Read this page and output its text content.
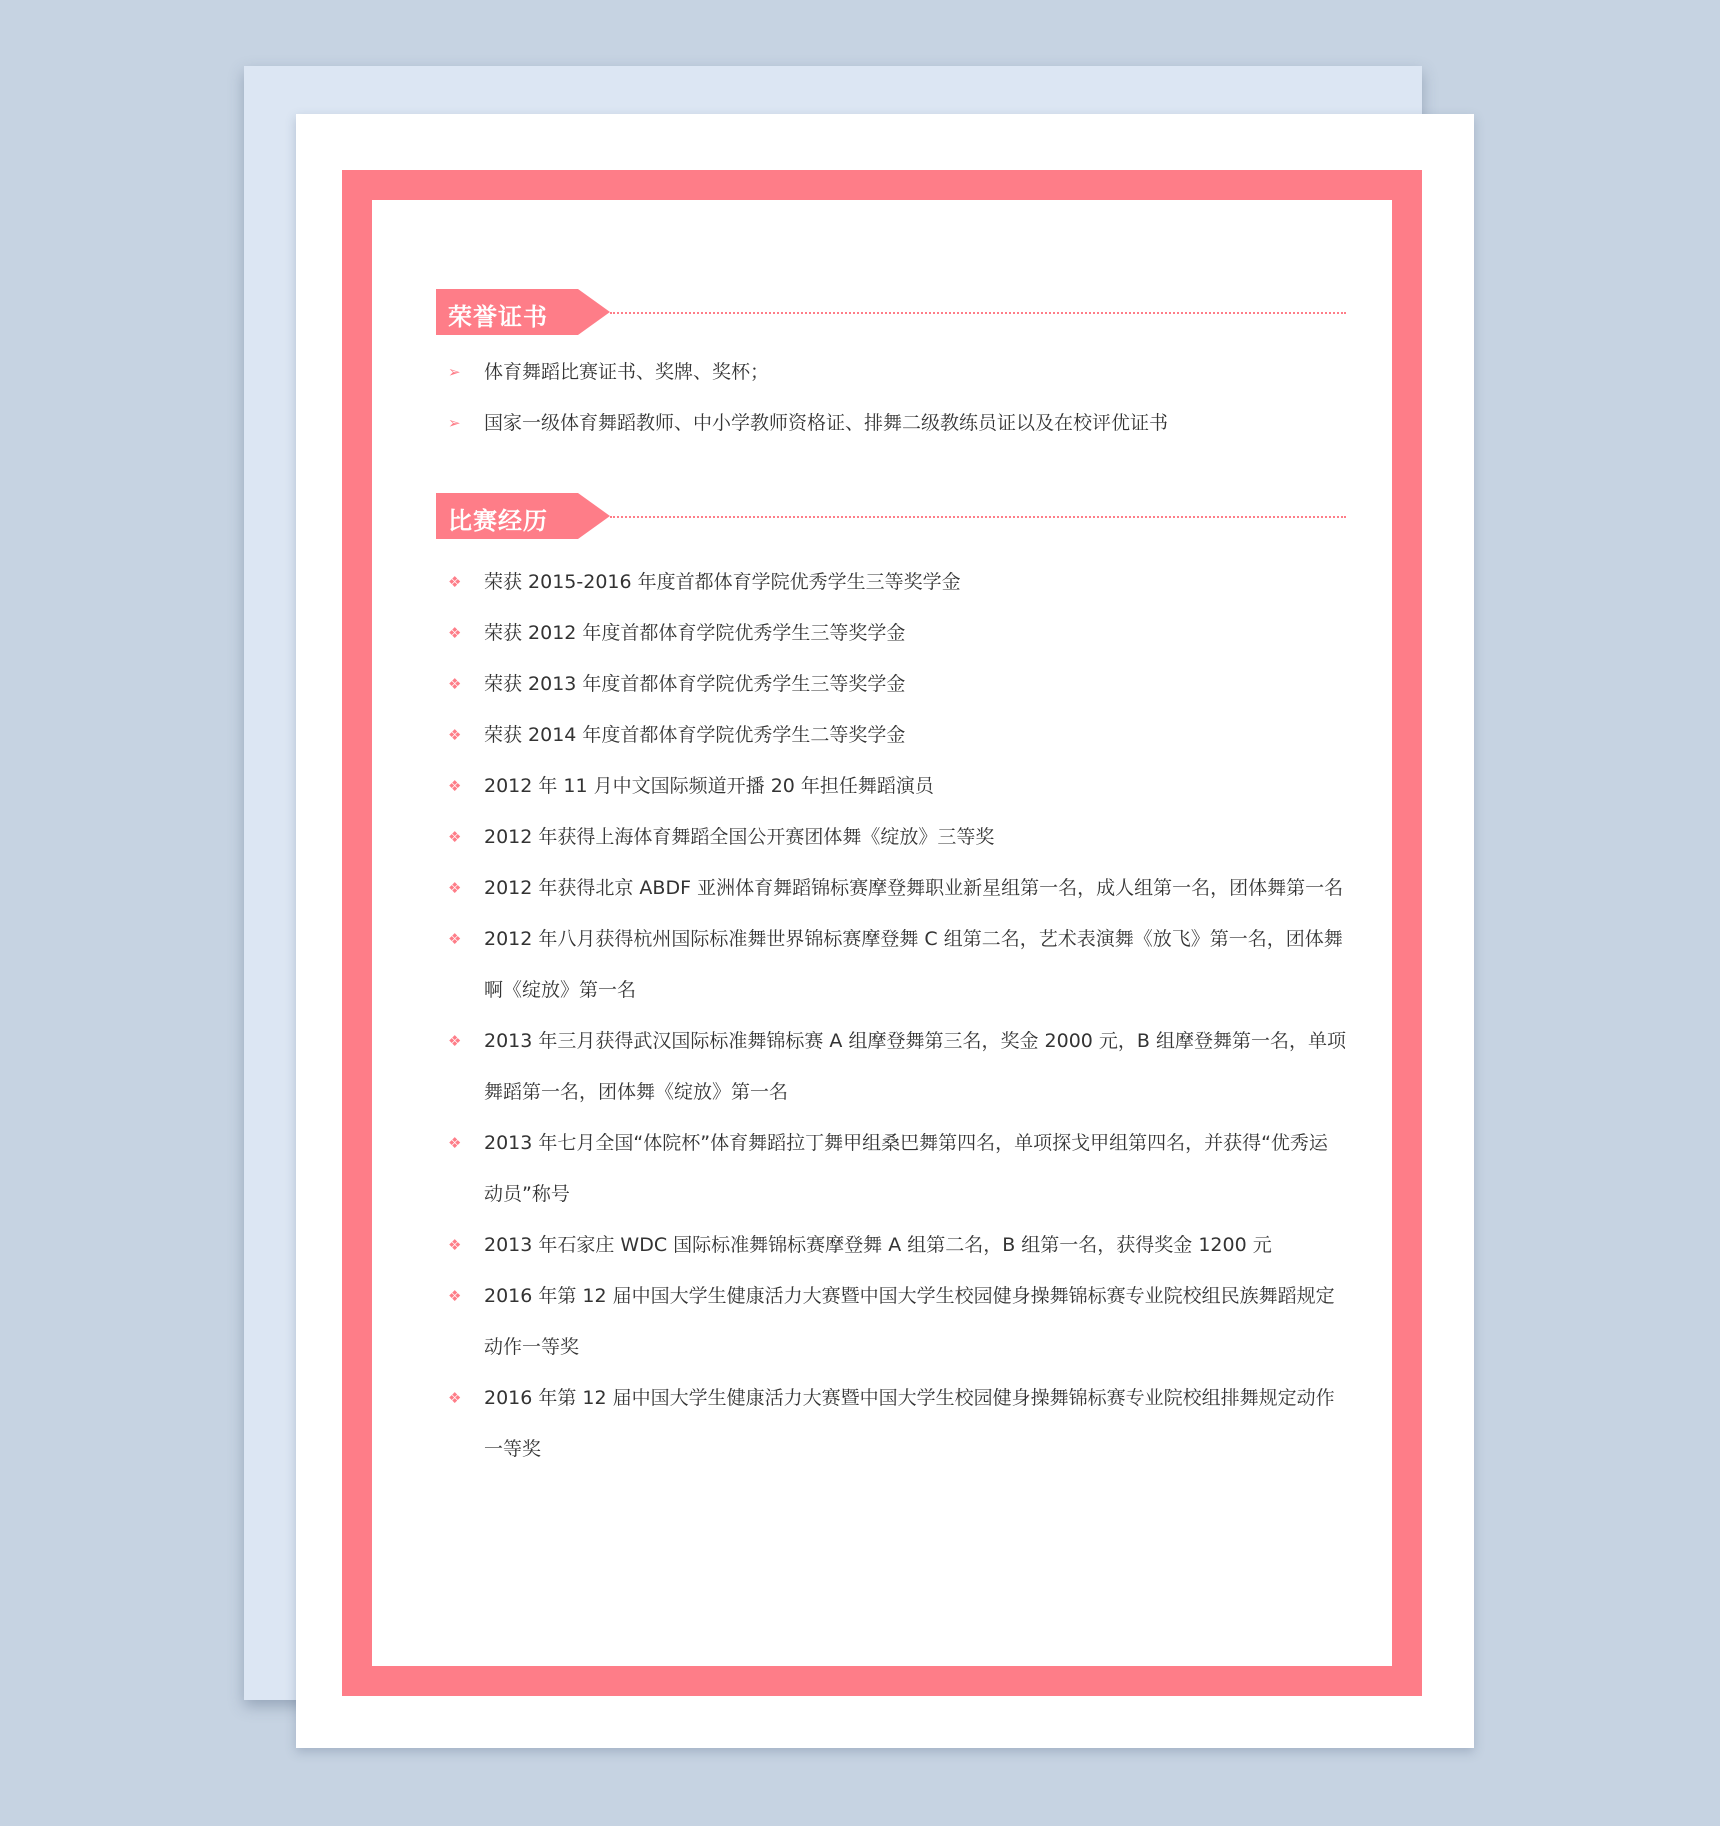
荣誉证书
➢ 体育舞蹈比赛证书、奖牌、奖杯；
➢ 国家一级体育舞蹈教师、中小学教师资格证、排舞二级教练员证以及在校评优证书
比赛经历
❖ 荣获 2015-2016 年度首都体育学院优秀学生三等奖学金
❖ 荣获 2012 年度首都体育学院优秀学生三等奖学金
❖ 荣获 2013 年度首都体育学院优秀学生三等奖学金
❖ 荣获 2014 年度首都体育学院优秀学生二等奖学金
❖ 2012 年 11 月中文国际频道开播 20 年担任舞蹈演员
❖ 2012 年获得上海体育舞蹈全国公开赛团体舞《绽放》三等奖
❖ 2012 年获得北京 ABDF 亚洲体育舞蹈锦标赛摩登舞职业新星组第一名，成人组第一名，团体舞第一名
❖ 2012 年八月获得杭州国际标准舞世界锦标赛摩登舞 C 组第二名，艺术表演舞《放飞》第一名，团体舞啊《绽放》第一名
❖ 2013 年三月获得武汉国际标准舞锦标赛 A 组摩登舞第三名，奖金 2000 元，B 组摩登舞第一名，单项舞蹈第一名，团体舞《绽放》第一名
❖ 2013 年七月全国“体院杯”体育舞蹈拉丁舞甲组桑巴舞第四名，单项探戈甲组第四名，并获得“优秀运动员”称号
❖ 2013 年石家庄 WDC 国际标准舞锦标赛摩登舞 A 组第二名，B 组第一名，获得奖金 1200 元
❖ 2016 年第 12 届中国大学生健康活力大赛暨中国大学生校园健身操舞锦标赛专业院校组民族舞蹈规定动作一等奖
❖ 2016 年第 12 届中国大学生健康活力大赛暨中国大学生校园健身操舞锦标赛专业院校组排舞规定动作一等奖
